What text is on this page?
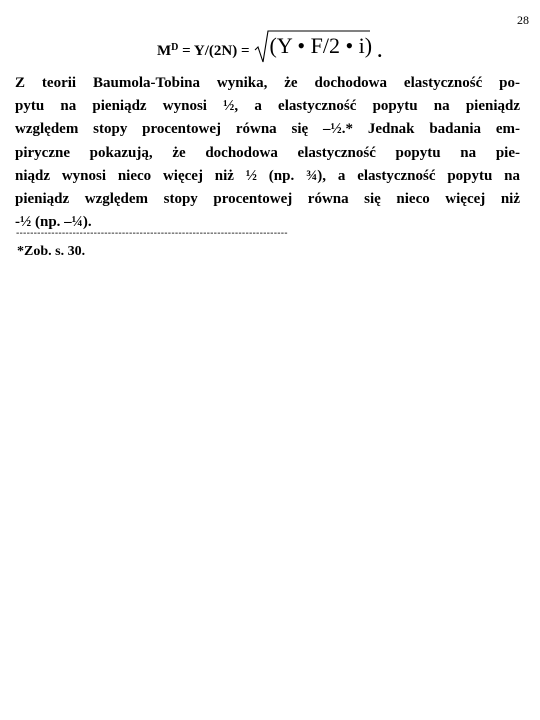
28
$M^D = Y/(2N) = (Y$ • F/2 • i) .
Z teorii Baumola-Tobina wynika, że dochodowa elastyczność po-
pytu na pieniądz wynosi ½, a elastyczność popytu na pieniądz
względem stopy procentowej równa się –½.* Jednak badania em-
piryczne pokazują, że dochodowa elastyczność popytu na pie-
niądz wynosi nieco więcej niż ½ (np. ¾), a elastyczność popytu na
pieniądz względem stopy procentowej równa się nieco więcej niż
-½ (np. –¼).
-----------------------------------------------------------------------------
*Zob. s. 30.
